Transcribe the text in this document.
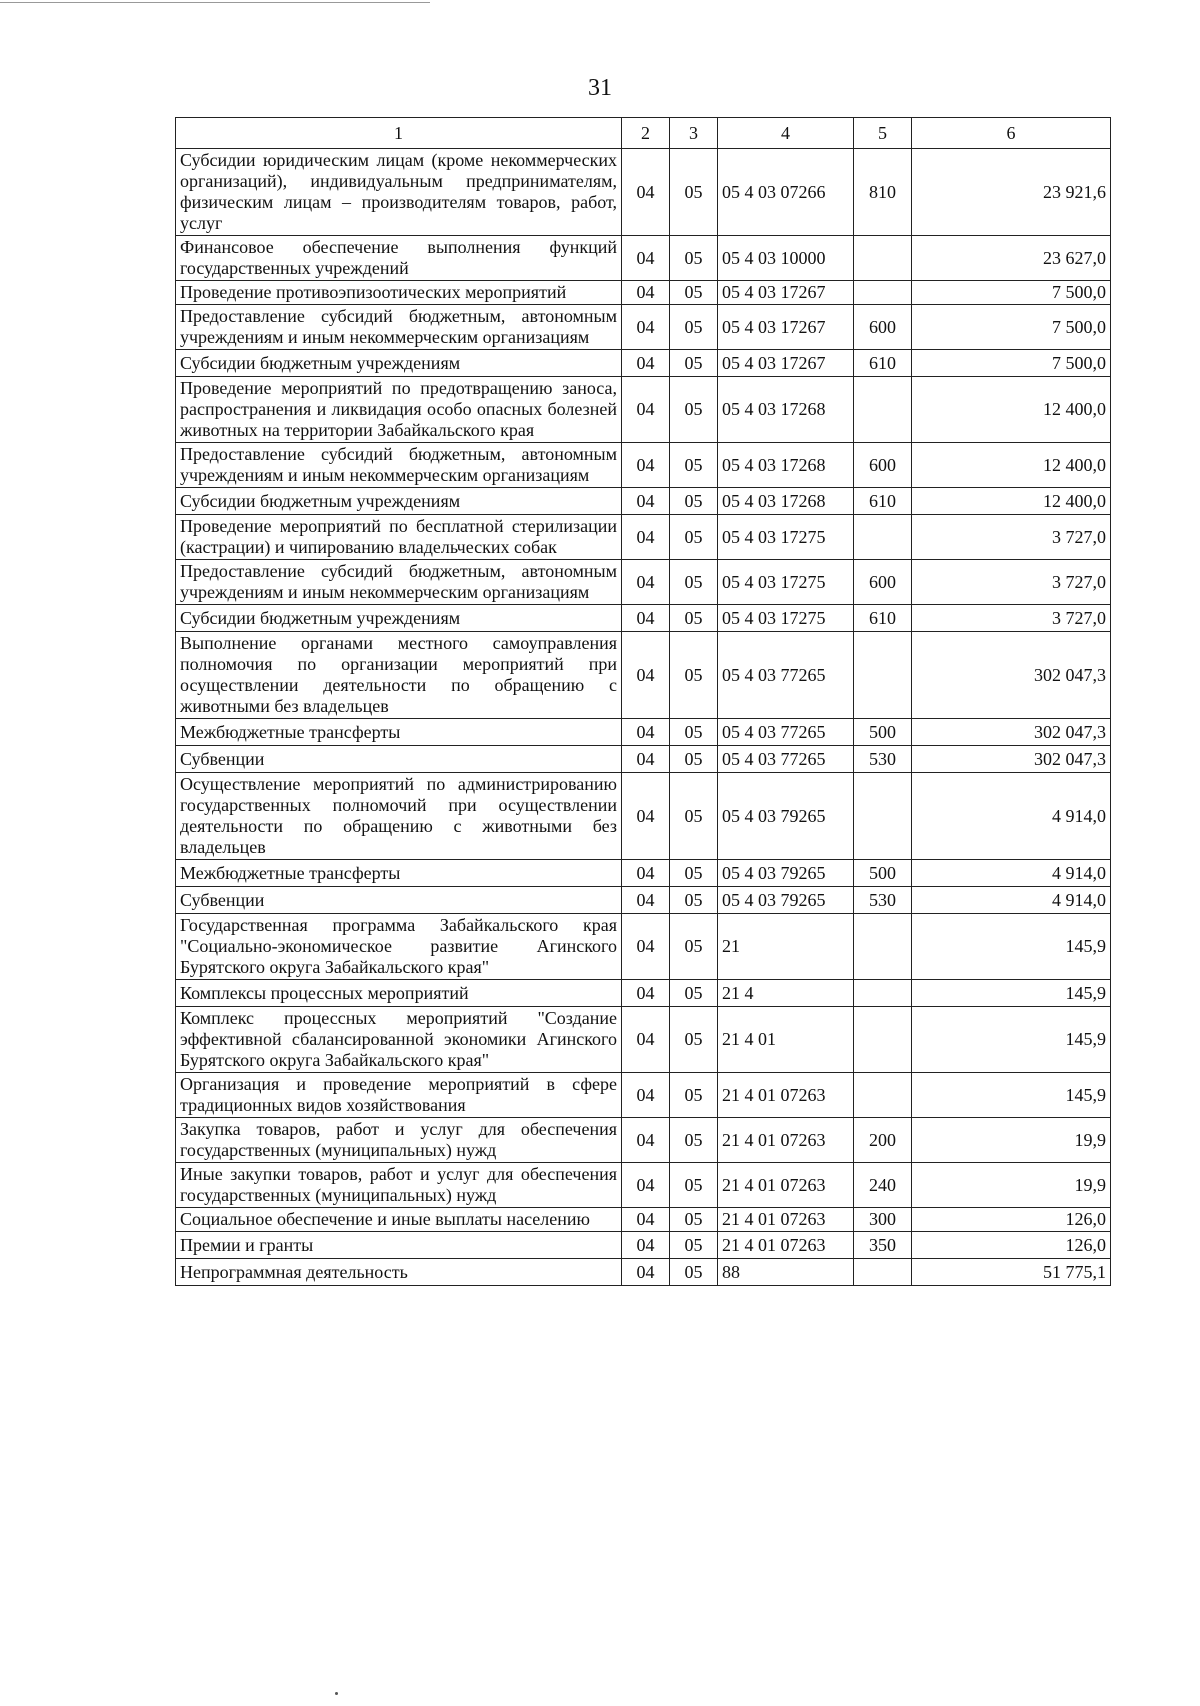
31
1	2	3	4	5	6
Субсидии юридическим лицам (кроме некоммерческих организаций), индивидуальным предпринимателям, физическим лицам – производителям товаров, работ, услуг	04	05	05 4 03 07266	810	23 921,6
Финансовое обеспечение выполнения функций государственных учреждений	04	05	05 4 03 10000		23 627,0
Проведение противоэпизоотических мероприятий	04	05	05 4 03 17267		7 500,0
Предоставление субсидий бюджетным, автономным учреждениям и иным некоммерческим организациям	04	05	05 4 03 17267	600	7 500,0
Субсидии бюджетным учреждениям	04	05	05 4 03 17267	610	7 500,0
Проведение мероприятий по предотвращению заноса, распространения и ликвидация особо опасных болезней животных на территории Забайкальского края	04	05	05 4 03 17268		12 400,0
Предоставление субсидий бюджетным, автономным учреждениям и иным некоммерческим организациям	04	05	05 4 03 17268	600	12 400,0
Субсидии бюджетным учреждениям	04	05	05 4 03 17268	610	12 400,0
Проведение мероприятий по бесплатной стерилизации (кастрации) и чипированию владельческих собак	04	05	05 4 03 17275		3 727,0
Предоставление субсидий бюджетным, автономным учреждениям и иным некоммерческим организациям	04	05	05 4 03 17275	600	3 727,0
Субсидии бюджетным учреждениям	04	05	05 4 03 17275	610	3 727,0
Выполнение органами местного самоуправления полномочия по организации мероприятий при осуществлении деятельности по обращению с животными без владельцев	04	05	05 4 03 77265		302 047,3
Межбюджетные трансферты	04	05	05 4 03 77265	500	302 047,3
Субвенции	04	05	05 4 03 77265	530	302 047,3
Осуществление мероприятий по администрированию государственных полномочий при осуществлении деятельности по обращению с животными без владельцев	04	05	05 4 03 79265		4 914,0
Межбюджетные трансферты	04	05	05 4 03 79265	500	4 914,0
Субвенции	04	05	05 4 03 79265	530	4 914,0
Государственная программа Забайкальского края "Социально-экономическое развитие Агинского Бурятского округа Забайкальского края"	04	05	21		145,9
Комплексы процессных мероприятий	04	05	21 4		145,9
Комплекс процессных мероприятий "Создание эффективной сбалансированной экономики Агинского Бурятского округа Забайкальского края"	04	05	21 4 01		145,9
Организация и проведение мероприятий в сфере традиционных видов хозяйствования	04	05	21 4 01 07263		145,9
Закупка товаров, работ и услуг для обеспечения государственных (муниципальных) нужд	04	05	21 4 01 07263	200	19,9
Иные закупки товаров, работ и услуг для обеспечения государственных (муниципальных) нужд	04	05	21 4 01 07263	240	19,9
Социальное обеспечение и иные выплаты населению	04	05	21 4 01 07263	300	126,0
Премии и гранты	04	05	21 4 01 07263	350	126,0
Непрограммная деятельность	04	05	88		51 775,1
